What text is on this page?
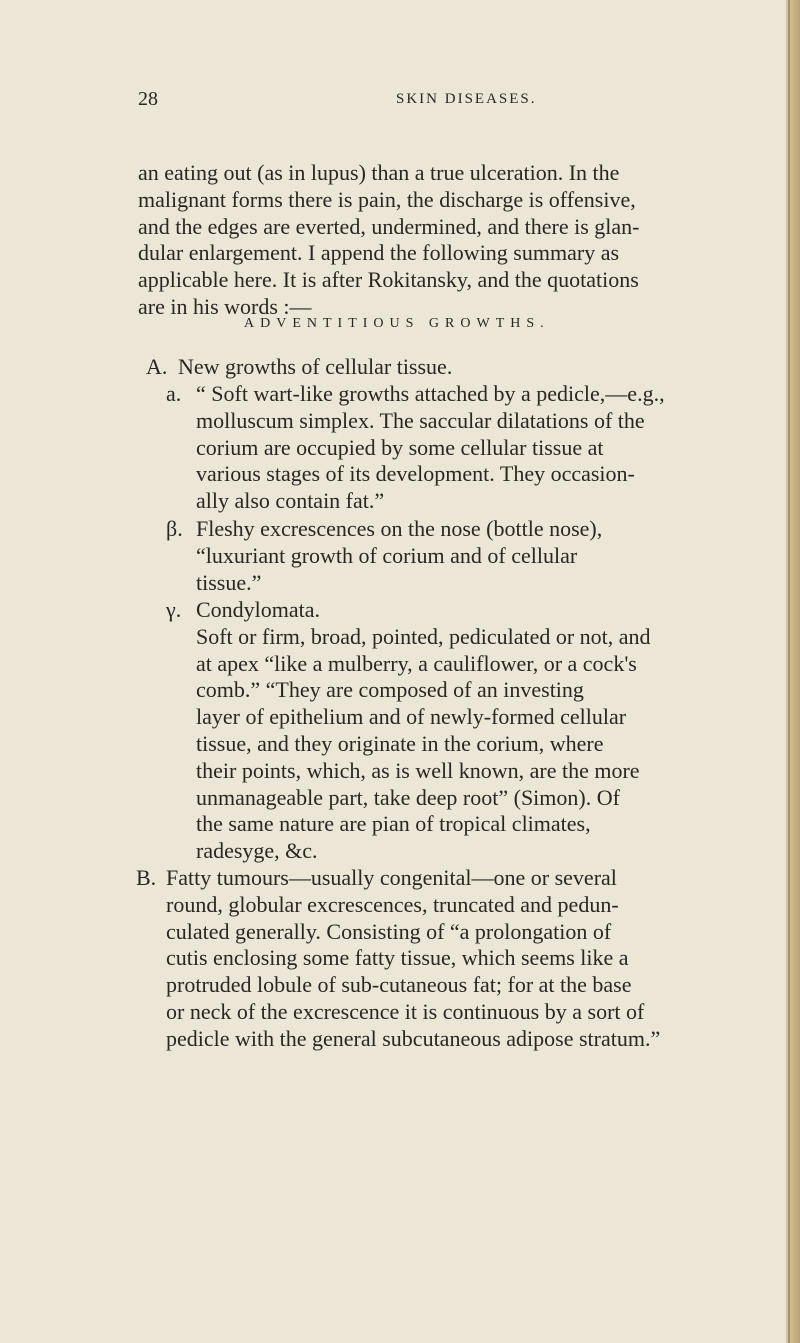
28	SKIN DISEASES.
an eating out (as in lupus) than a true ulceration. In the
malignant forms there is pain, the discharge is offensive,
and the edges are everted, undermined, and there is glan-
dular enlargement. I append the following summary as
applicable here. It is after Rokitansky, and the quotations
are in his words :—
ADVENTITIOUS GROWTHS.
A. New growths of cellular tissue.
a. “ Soft wart-like growths attached by a pedicle,—e.g.,
molluscum simplex. The saccular dilatations of the
corium are occupied by some cellular tissue at
various stages of its development. They occasion-
ally also contain fat.”
β. Fleshy excrescences on the nose (bottle nose),
“luxuriant growth of corium and of cellular
tissue.”
γ. Condylomata.
Soft or firm, broad, pointed, pediculated or not, and
at apex “like a mulberry, a cauliflower, or a cock's
comb.” “They are composed of an investing
layer of epithelium and of newly-formed cellular
tissue, and they originate in the corium, where
their points, which, as is well known, are the more
unmanageable part, take deep root” (Simon). Of
the same nature are pian of tropical climates,
radesyge, &c.
B. Fatty tumours—usually congenital—one or several
round, globular excrescences, truncated and pedun-
culated generally. Consisting of “a prolongation of
cutis enclosing some fatty tissue, which seems like a
protruded lobule of sub-cutaneous fat; for at the base
or neck of the excrescence it is continuous by a sort of
pedicle with the general subcutaneous adipose stratum.”
